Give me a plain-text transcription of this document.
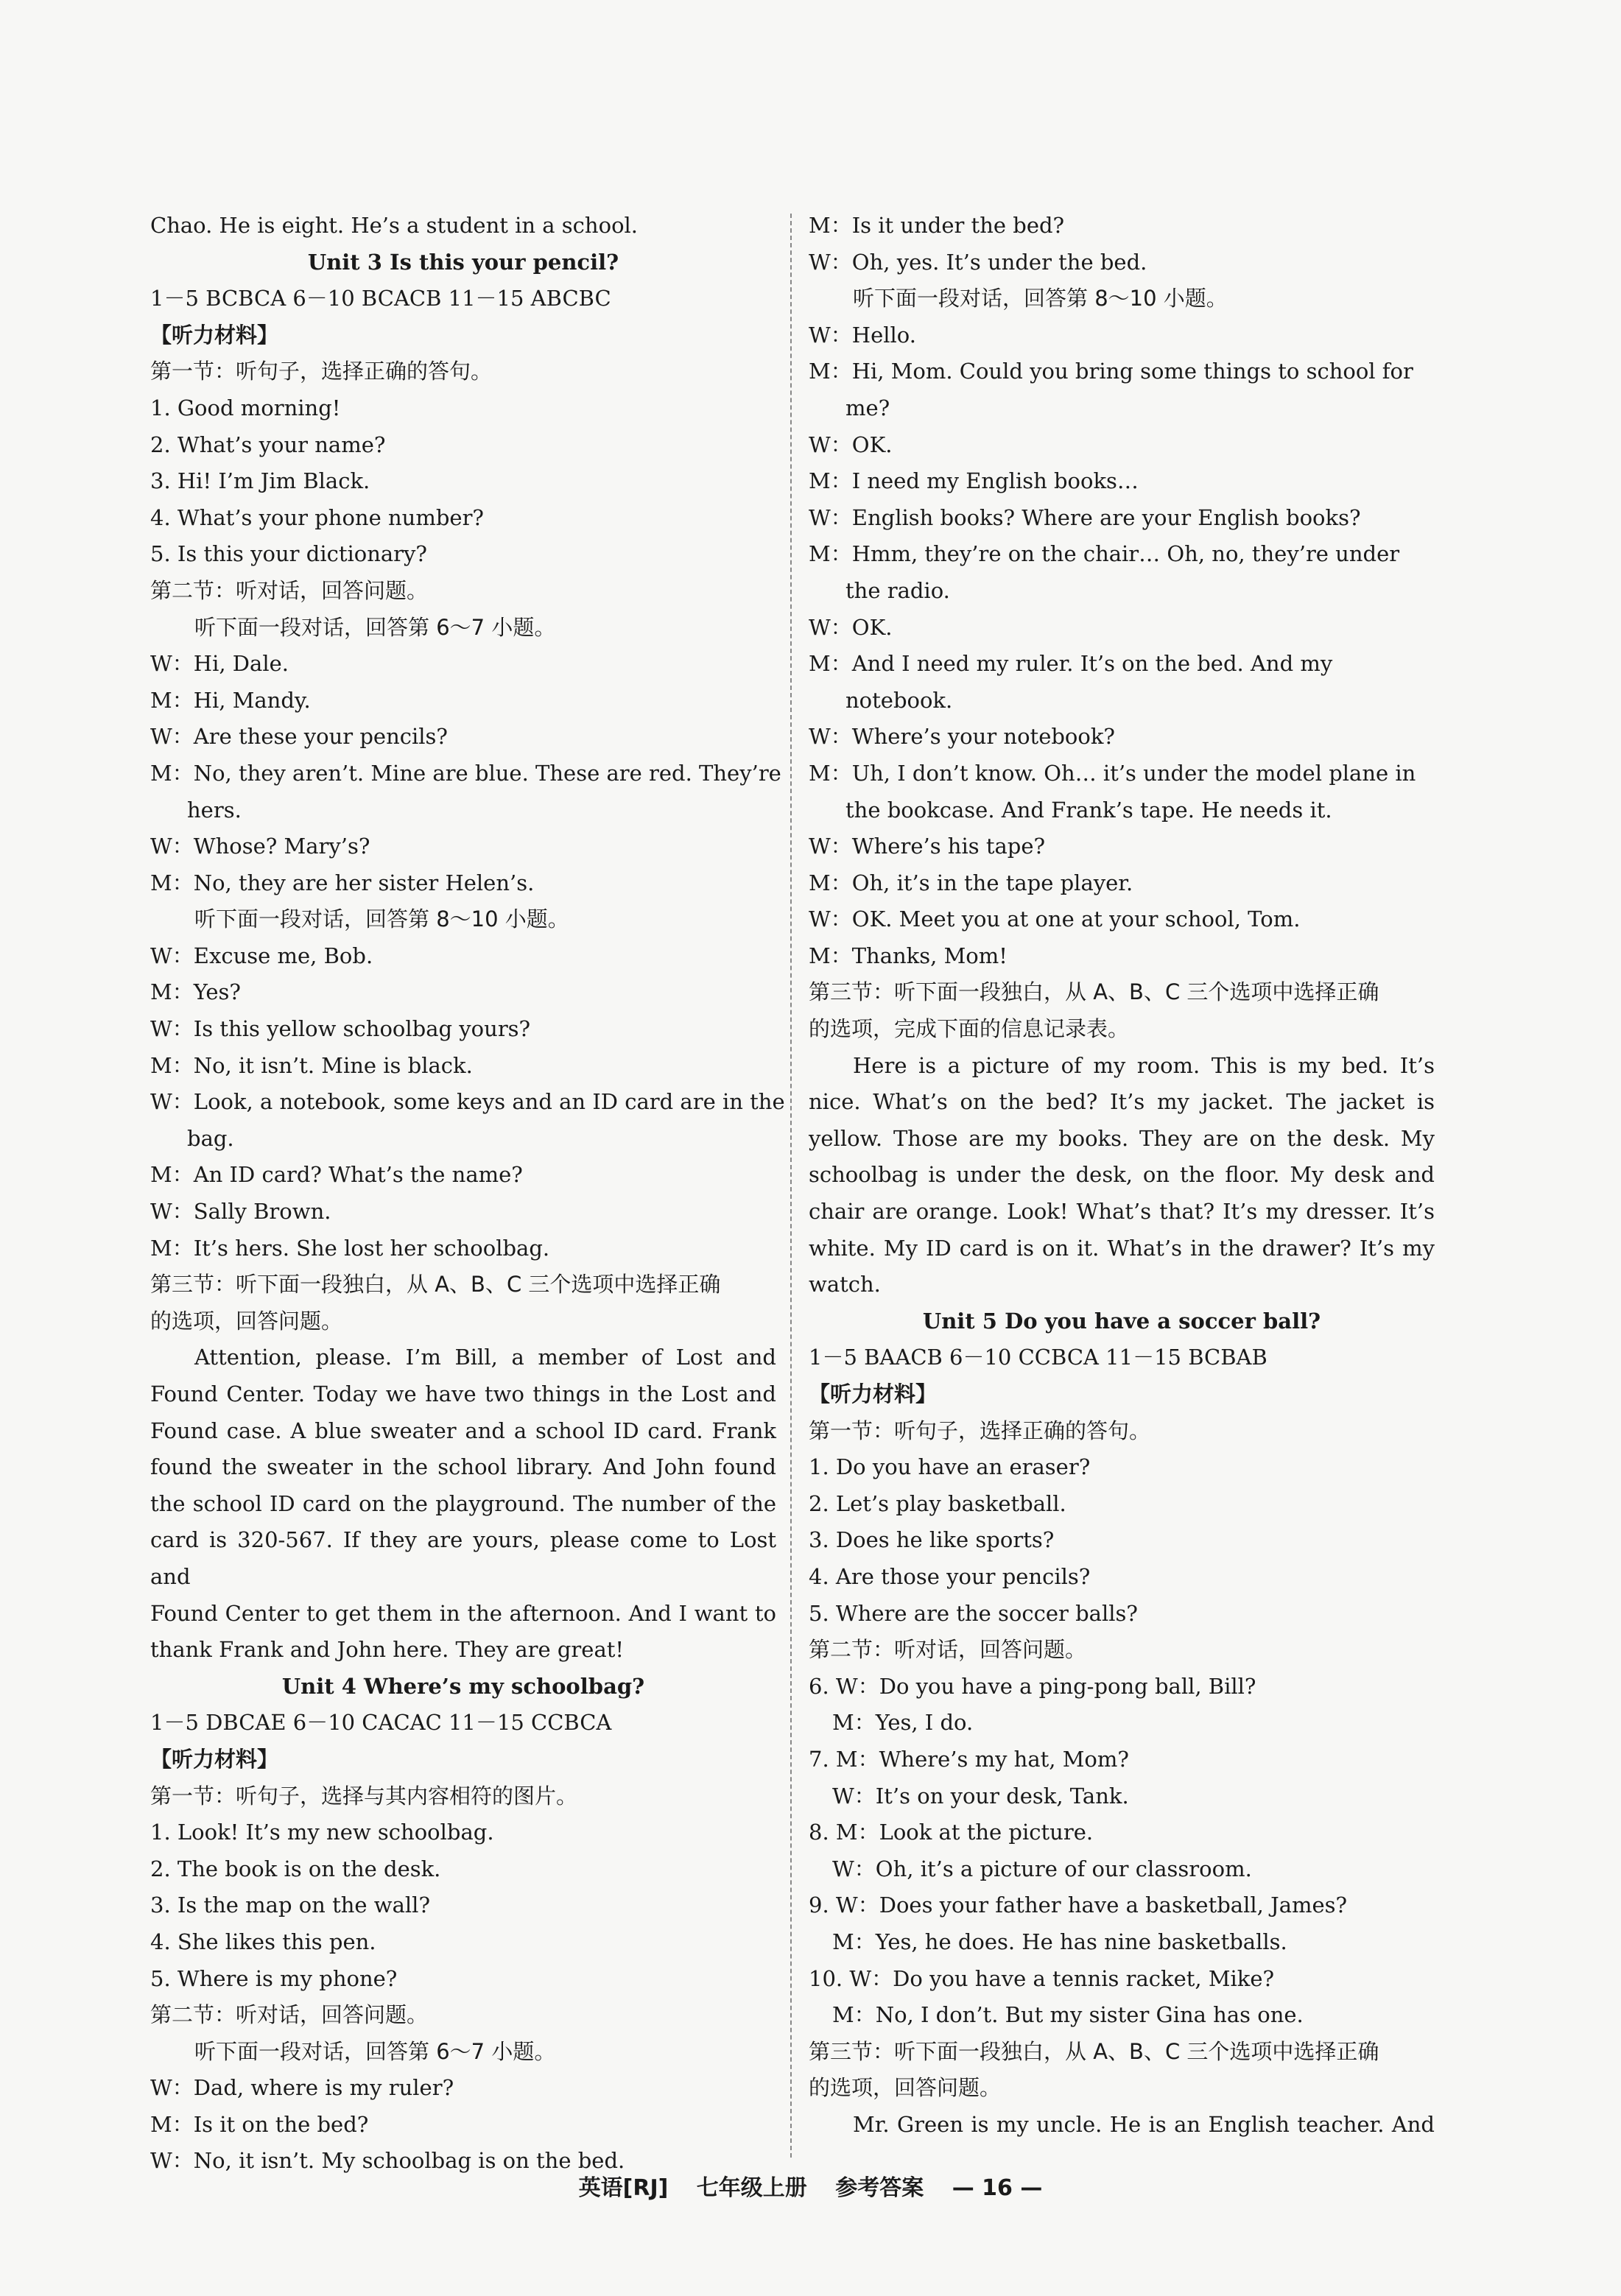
Chao. He is eight. He’s a student in a school.
Unit 3 Is this your pencil?
1－5 BCBCA 6－10 BCACB 11－15 ABCBC
【听力材料】
第一节：听句子，选择正确的答句。
1. Good morning!
2. What’s your name?
3. Hi! I’m Jim Black.
4. What’s your phone number?
5. Is this your dictionary?
第二节：听对话，回答问题。
听下面一段对话，回答第 6～7 小题。
W：Hi, Dale.
M：Hi, Mandy.
W：Are these your pencils?
M：No, they aren’t. Mine are blue. These are red. They’re
hers.
W：Whose? Mary’s?
M：No, they are her sister Helen’s.
听下面一段对话，回答第 8～10 小题。
W：Excuse me, Bob.
M：Yes?
W：Is this yellow schoolbag yours?
M：No, it isn’t. Mine is black.
W：Look, a notebook, some keys and an ID card are in the
bag.
M：An ID card? What’s the name?
W：Sally Brown.
M：It’s hers. She lost her schoolbag.
第三节：听下面一段独白，从 A、B、C 三个选项中选择正确
的选项，回答问题。
Attention, please. I’m Bill, a member of Lost and
Found Center. Today we have two things in the Lost and
Found case. A blue sweater and a school ID card. Frank
found the sweater in the school library. And John found
the school ID card on the playground. The number of the
card is 320-567. If they are yours, please come to Lost and
Found Center to get them in the afternoon. And I want to
thank Frank and John here. They are great!
Unit 4 Where’s my schoolbag?
1－5 DBCAE 6－10 CACAC 11－15 CCBCA
【听力材料】
第一节：听句子，选择与其内容相符的图片。
1. Look! It’s my new schoolbag.
2. The book is on the desk.
3. Is the map on the wall?
4. She likes this pen.
5. Where is my phone?
第二节：听对话，回答问题。
听下面一段对话，回答第 6～7 小题。
W：Dad, where is my ruler?
M：Is it on the bed?
W：No, it isn’t. My schoolbag is on the bed.
M：Is it under the bed?
W：Oh, yes. It’s under the bed.
听下面一段对话，回答第 8～10 小题。
W：Hello.
M：Hi, Mom. Could you bring some things to school for
me?
W：OK.
M：I need my English books…
W：English books? Where are your English books?
M：Hmm, they’re on the chair… Oh, no, they’re under
the radio.
W：OK.
M：And I need my ruler. It’s on the bed. And my
notebook.
W：Where’s your notebook?
M：Uh, I don’t know. Oh… it’s under the model plane in
the bookcase. And Frank’s tape. He needs it.
W：Where’s his tape?
M：Oh, it’s in the tape player.
W：OK. Meet you at one at your school, Tom.
M：Thanks, Mom!
第三节：听下面一段独白，从 A、B、C 三个选项中选择正确
的选项，完成下面的信息记录表。
Here is a picture of my room. This is my bed. It’s
nice. What’s on the bed? It’s my jacket. The jacket is
yellow. Those are my books. They are on the desk. My
schoolbag is under the desk, on the floor. My desk and
chair are orange. Look! What’s that? It’s my dresser. It’s
white. My ID card is on it. What’s in the drawer? It’s my
watch.
Unit 5 Do you have a soccer ball?
1－5 BAACB 6－10 CCBCA 11－15 BCBAB
【听力材料】
第一节：听句子，选择正确的答句。
1. Do you have an eraser?
2. Let’s play basketball.
3. Does he like sports?
4. Are those your pencils?
5. Where are the soccer balls?
第二节：听对话，回答问题。
6. W：Do you have a ping-pong ball, Bill?
M：Yes, I do.
7. M：Where’s my hat, Mom?
W：It’s on your desk, Tank.
8. M：Look at the picture.
W：Oh, it’s a picture of our classroom.
9. W：Does your father have a basketball, James?
M：Yes, he does. He has nine basketballs.
10. W：Do you have a tennis racket, Mike?
M：No, I don’t. But my sister Gina has one.
第三节：听下面一段独白，从 A、B、C 三个选项中选择正确
的选项，回答问题。
Mr. Green is my uncle. He is an English teacher. And
英语[RJ] 七年级上册 参考答案 — 16 —
